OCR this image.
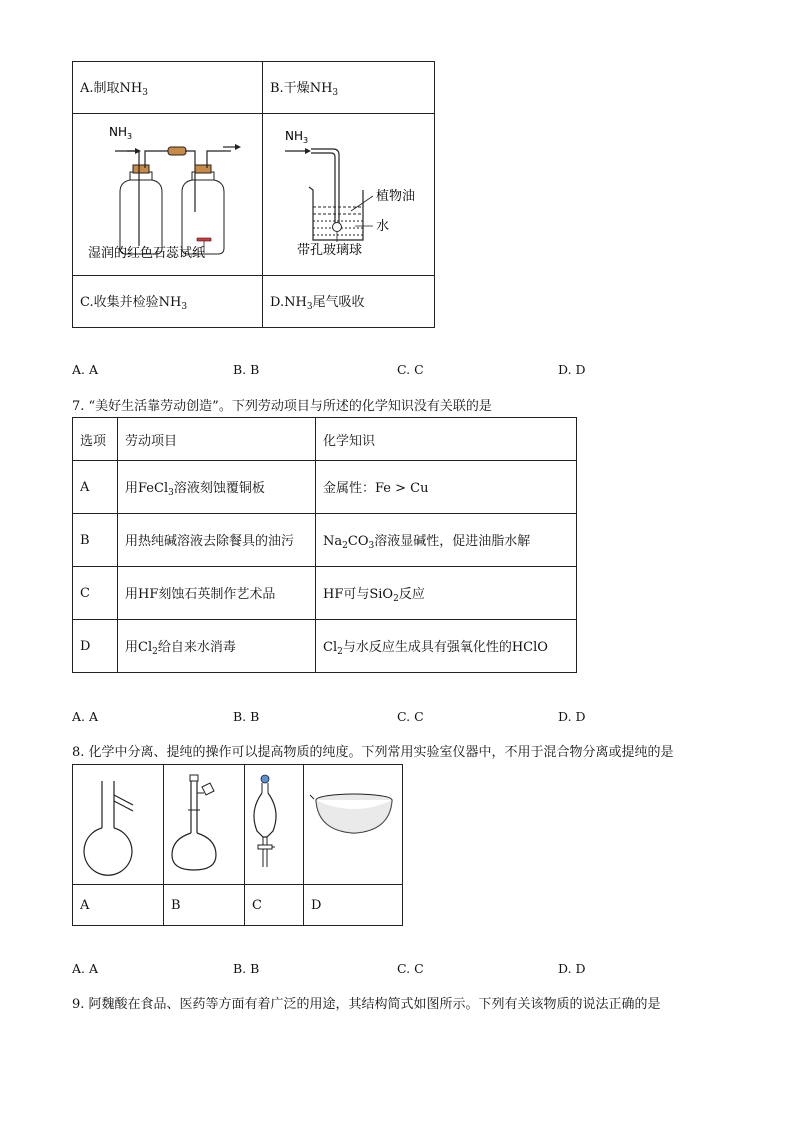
A.制取$NH_3$	B.干燥$NH_3$

$NH_3$
湿润的红色石蕊试纸	$NH_3$
植物油
水
带孔玻璃球

C.收集并检验$NH_3$	$D.NH_3$尾气吸收
A. A	B. B	C. C	D. D
7. “美好生活靠劳动创造”。下列劳动项目与所述的化学知识没有关联的是
选项	劳动项目	化学知识
A	用FeCl$_3$溶液刻蚀覆铜板	金属性：Fe > Cu
B	用热纯碱溶液去除餐具的油污	$Na_2CO_3$溶液显碱性，促进油脂水解
C	用HF刻蚀石英制作艺术品	HF可与SiO$_2$反应
D	用$Cl_2$给自来水消毒	$Cl_2$与水反应生成具有强氧化性的HClO
A. A	B. B	C. C	D. D
8. 化学中分离、提纯的操作可以提高物质的纯度。下列常用实验室仪器中，不用于混合物分离或提纯的是

A	B	C	D
A. A	B. B	C. C	D. D
9. 阿魏酸在食品、医药等方面有着广泛的用途，其结构简式如图所示。下列有关该物质的说法正确的是
